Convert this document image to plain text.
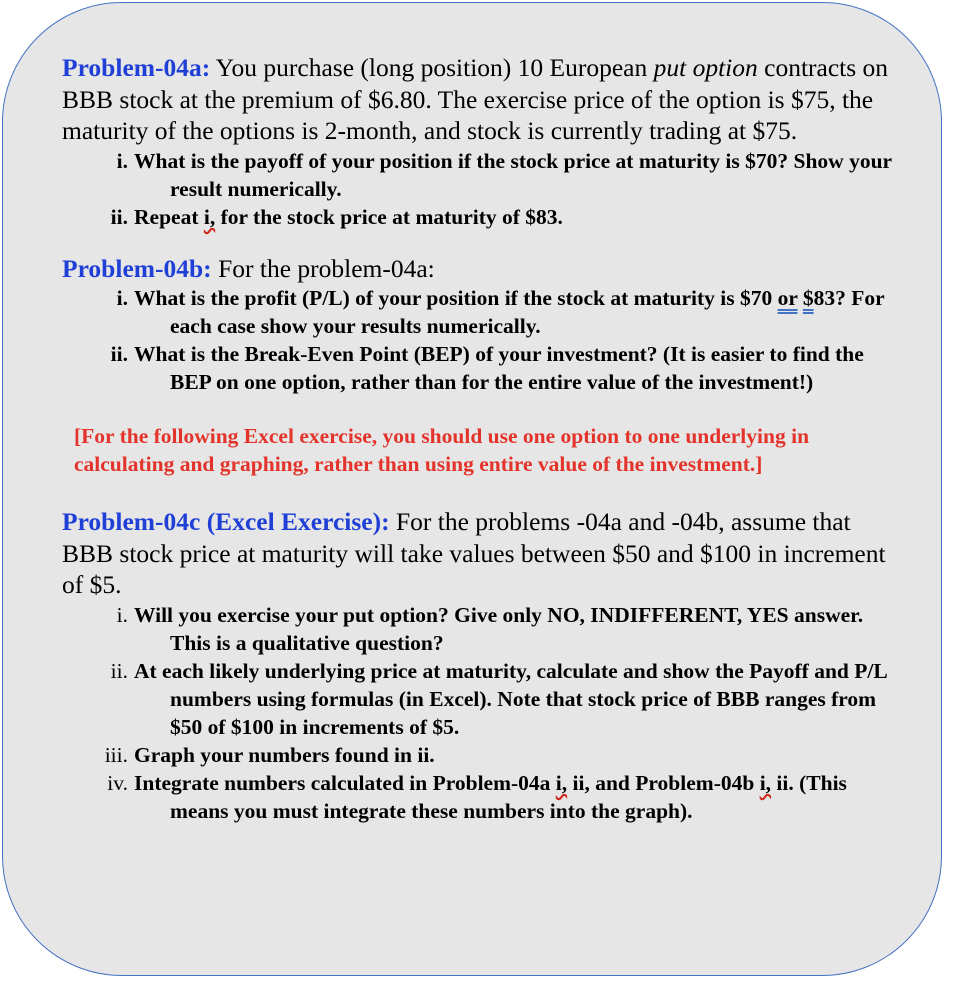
Problem-04a: You purchase (long position) 10 European put option contracts on BBB stock at the premium of $6.80. The exercise price of the option is $75, the maturity of the options is 2-month, and stock is currently trading at $75.

i. What is the payoff of your position if the stock price at maturity is $70? Show your result numerically.
ii. Repeat i, for the stock price at maturity of $83.

Problem-04b: For the problem-04a:

i. What is the profit (P/L) of your position if the stock at maturity is $70 or $83? For each case show your results numerically.
ii. What is the Break-Even Point (BEP) of your investment? (It is easier to find the BEP on one option, rather than for the entire value of the investment!)

[For the following Excel exercise, you should use one option to one underlying in calculating and graphing, rather than using entire value of the investment.]

Problem-04c (Excel Exercise): For the problems -04a and -04b, assume that BBB stock price at maturity will take values between $50 and $100 in increment of $5.

i. Will you exercise your put option? Give only NO, INDIFFERENT, YES answer. This is a qualitative question?
ii. At each likely underlying price at maturity, calculate and show the Payoff and P/L numbers using formulas (in Excel). Note that stock price of BBB ranges from $50 of $100 in increments of $5.
iii. Graph your numbers found in ii.
iv. Integrate numbers calculated in Problem-04a i, ii, and Problem-04b i, ii. (This means you must integrate these numbers into the graph).
